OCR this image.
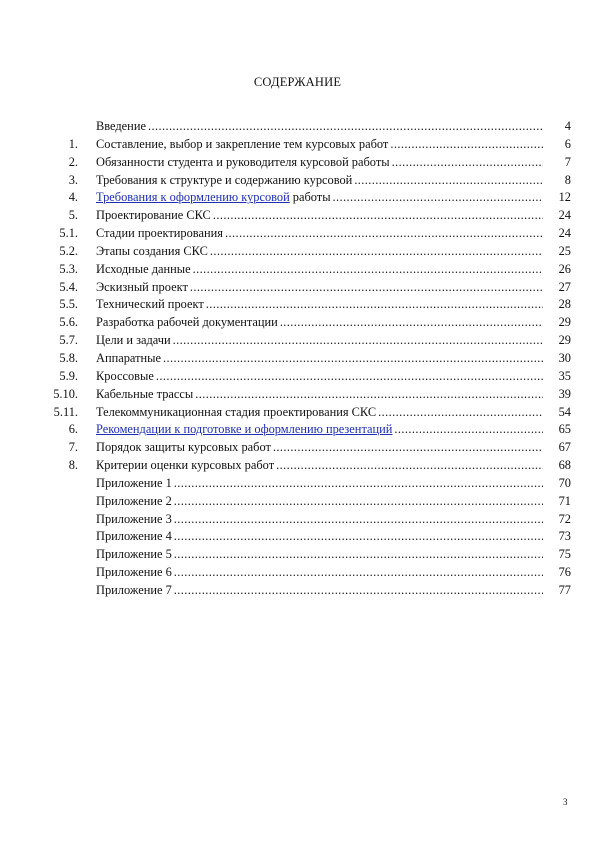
СОДЕРЖАНИЕ
Введение .....	4
1. Составление, выбор и закрепление тем курсовых работ .....	6
2. Обязанности студента и руководителя курсовой работы .....	7
3. Требования к структуре и содержанию курсовой .....	8
4. Требования к оформлению курсовой работы .....	12
5. Проектирование СКС .....	24
5.1. Стадии проектирования .....	24
5.2. Этапы создания СКС .....	25
5.3. Исходные данные .....	26
5.4. Эскизный проект .....	27
5.5. Технический проект .....	28
5.6. Разработка рабочей документации .....	29
5.7. Цели и задачи .....	29
5.8. Аппаратные .....	30
5.9. Кроссовые .....	35
5.10. Кабельные трассы .....	39
5.11. Телекоммуникационная стадия проектирования СКС .....	54
6. Рекомендации к подготовке и оформлению презентаций .....	65
7. Порядок защиты курсовых работ .....	67
8. Критерии оценки курсовых работ .....	68
Приложение 1 .....	70
Приложение 2 .....	71
Приложение 3 .....	72
Приложение 4 .....	73
Приложение 5 .....	75
Приложение 6 .....	76
Приложение 7 .....	77
3
